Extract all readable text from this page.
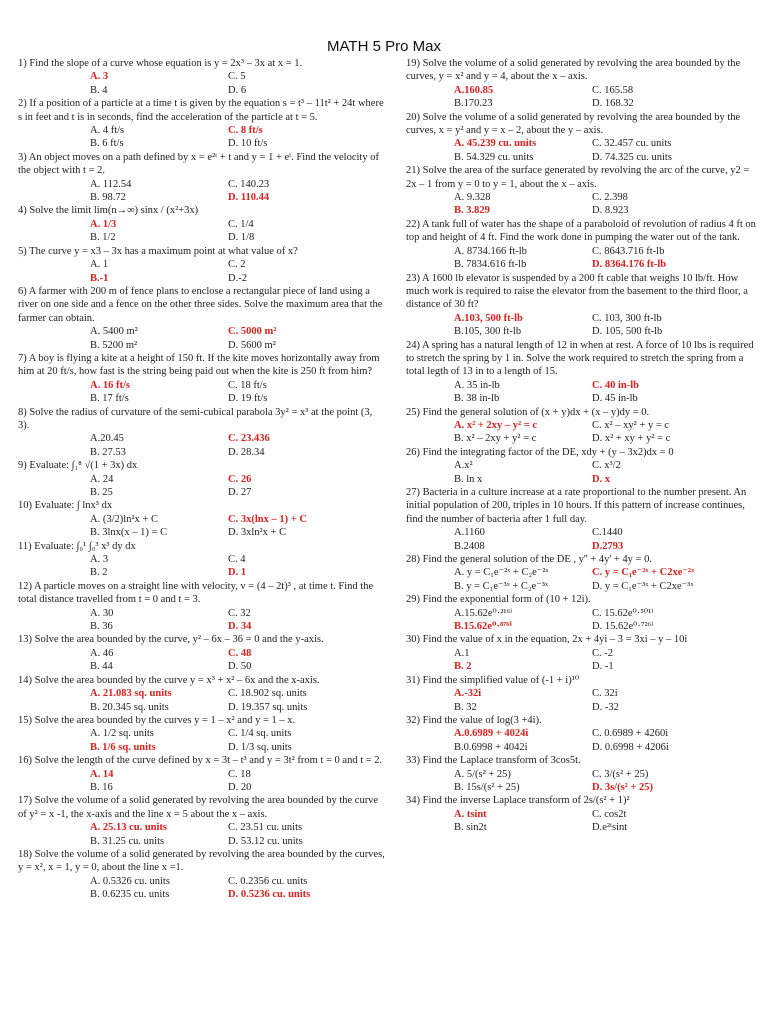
MATH 5 Pro Max
1) Find the slope of a curve whose equation is y = 2x³ – 3x at x = 1.
A. 3	C. 5
B. 4	D. 6
2) If a position of a particle at a time t is given by the equation s = t³ – 11t² + 24t where s in feet and t is in seconds, find the acceleration of the particle at t = 5.
A. 4 ft/s	C. 8 ft/s
B. 6 ft/s	D. 10 ft/s
3) An object moves on a path defined by x = e²ᵗ + t and y = 1 + eᵗ. Find the velocity of the object with t = 2.
A. 112.54	C. 140.23
B. 98.72	D. 110.44
4) Solve the limit lim(n→∞) sinx / (x²+3x)
A. 1/3	C. 1/4
B. 1/2	D. 1/8
5) The curve y = x3 – 3x has a maximum point at what value of x?
A. 1	C. 2
B.-1	D.-2
6) A farmer with 200 m of fence plans to enclose a rectangular piece of land using a river on one side and a fence on the other three sides. Solve the maximum area that the farmer can obtain.
A. 5400 m²	C. 5000 m²
B. 5200 m²	D. 5600 m²
7) A boy is flying a kite at a height of 150 ft. If the kite moves horizontally away from him at 20 ft/s, how fast is the string being paid out when the kite is 250 ft from him?
A. 16 ft/s	C. 18 ft/s
B. 17 ft/s	D. 19 ft/s
8) Solve the radius of curvature of the semi-cubical parabola 3y² = x³ at the point (3, 3).
A.20.45	C. 23.436
B. 27.53	D. 28.34
9) Evaluate: ∫₁⁸ √(1 + 3x) dx
A. 24	C. 26
B. 25	D. 27
10) Evaluate: ∫ lnx³ dx
A. (3/2)ln²x + C	C. 3x(lnx – 1) + C
B. 3lnx(x – 1) = C	D. 3xln²x + C
11) Evaluate: ∫₀¹ ∫₀³ x³ dy dx
A. 3	C. 4
B. 2	D. 1
12) A particle moves on a straight line with velocity, v = (4 – 2t)³ , at time t. Find the total distance travelled from t = 0 and t = 3.
A. 30	C. 32
B. 36	D. 34
13) Solve the area bounded by the curve, y² – 6x – 36 = 0 and the y-axis.
A. 46	C. 48
B. 44	D. 50
14) Solve the area bounded by the curve y = x³ + x² – 6x and the x-axis.
A. 21.083 sq. units	C. 18.902 sq. units
B. 20.345 sq. units	D. 19.357 sq. units
15) Solve the area bounded by the curves y = 1 – x² and y = 1 – x.
A. 1/2 sq. units	C. 1/4 sq. units
B. 1/6 sq. units	D. 1/3 sq. units
16) Solve the length of the curve defined by x = 3t – t³ and y = 3t² from t = 0 and t = 2.
A. 14	C. 18
B. 16	D. 20
17) Solve the volume of a solid generated by revolving the area bounded by the curve of y² = x -1, the x-axis and the line x = 5 about the x – axis.
A. 25.13 cu. units	C. 23.51 cu. units
B. 31.25 cu. units	D. 53.12 cu. units
18) Solve the volume of a solid generated by revolving the area bounded by the curves, y = x², x = 1, y = 0, about the line x =1.
A. 0.5326 cu. units	C. 0.2356 cu. units
B. 0.6235 cu. units	D. 0.5236 cu. units
19) Solve the volume of a solid generated by revolving the area bounded by the curves, y = x² and y = 4, about the x – axis.
A.160.85	C. 165.58
B.170.23	D. 168.32
20) Solve the volume of a solid generated by revolving the area bounded by the curves, x = y² and y = x – 2, about the y – axis.
A. 45.239 cu. units	C. 32.457 cu. units
B. 54.329 cu. units	D. 74.325 cu. units
21) Solve the area of the surface generated by revolving the arc of the curve, y2 = 2x – 1 from y = 0 to y = 1, about the x – axis.
A. 9.328	C. 2.398
B. 3.829	D. 8.923
22) A tank full of water has the shape of a paraboloid of revolution of radius 4 ft on top and height of 4 ft. Find the work done in pumping the water out of the tank.
A. 8734.166 ft-lb	C. 8643.716 ft-lb
B. 7834.616 ft-lb	D. 8364.176 ft-lb
23) A 1600 lb elevator is suspended by a 200 ft cable that weighs 10 lb/ft. How much work is required to raise the elevator from the basement to the third floor, a distance of 30 ft?
A.103, 500 ft-lb	C. 103, 300 ft-lb
B.105, 300 ft-lb	D. 105, 500 ft-lb
24) A spring has a natural length of 12 in when at rest. A force of 10 lbs is required to stretch the spring by 1 in. Solve the work required to stretch the spring from a total legth of 13 in to a length of 15.
A. 35 in-lb	C. 40 in-lb
B. 38 in-lb	D. 45 in-lb
25) Find the general solution of (x + y)dx + (x – y)dy = 0.
A. x² + 2xy – y² = c	C. x² – xy² + y = c
B. x² – 2xy + y² = c	D. x² + xy + y² = c
26) Find the integrating factor of the DE, xdy + (y – 3x2)dx = 0
A.x²	C. x³/2
B. ln x	D. x
27) Bacteria in a culture increase at a rate proportional to the number present. An initial population of 200, triples in 10 hours. If this pattern of increase continues, find the number of bacteria after 1 full day.
A.1160	C.1440
B.2408	D.2793
28) Find the general solution of the DE , y'' + 4y' + 4y = 0.
A. y = C₁e⁻²ˣ + C₂e⁻²ˣ	C. y = C₁e⁻²ˣ + C2xe⁻²ˣ
B. y = C₁e⁻³ˣ + C₂e⁻³ˣ	D. y = C₁e⁻³ˣ + C2xe⁻³ˣ
29) Find the exponential form of (10 + 12i).
A.15.62e⁰·²¹⁶ⁱ	C. 15.62e⁰·⁵⁰¹ⁱ
B.15.62e⁰·⁸⁷⁶ⁱ	D. 15.62e⁰·⁷²⁶ⁱ
30) Find the value of x in the equation, 2x + 4yi – 3 = 3xi – y – 10i
A.1	C. -2
B. 2	D. -1
31) Find the simplified value of (-1 + i)¹⁰
A.-32i	C. 32i
B. 32	D. -32
32) Find the value of log(3 +4i).
A.0.6989 + 4024i	C. 0.6989 + 4260i
B.0.6998 + 4042i	D. 0.6998 + 4206i
33) Find the Laplace transform of 3cos5t.
A. 5/(s² + 25)	C. 3/(s² + 25)
B. 15s/(s² + 25)	D. 3s/(s² + 25)
34) Find the inverse Laplace transform of 2s/(s² + 1)²
A. tsint	C. cos2t
B. sin2t	D.e²ᵗsint
